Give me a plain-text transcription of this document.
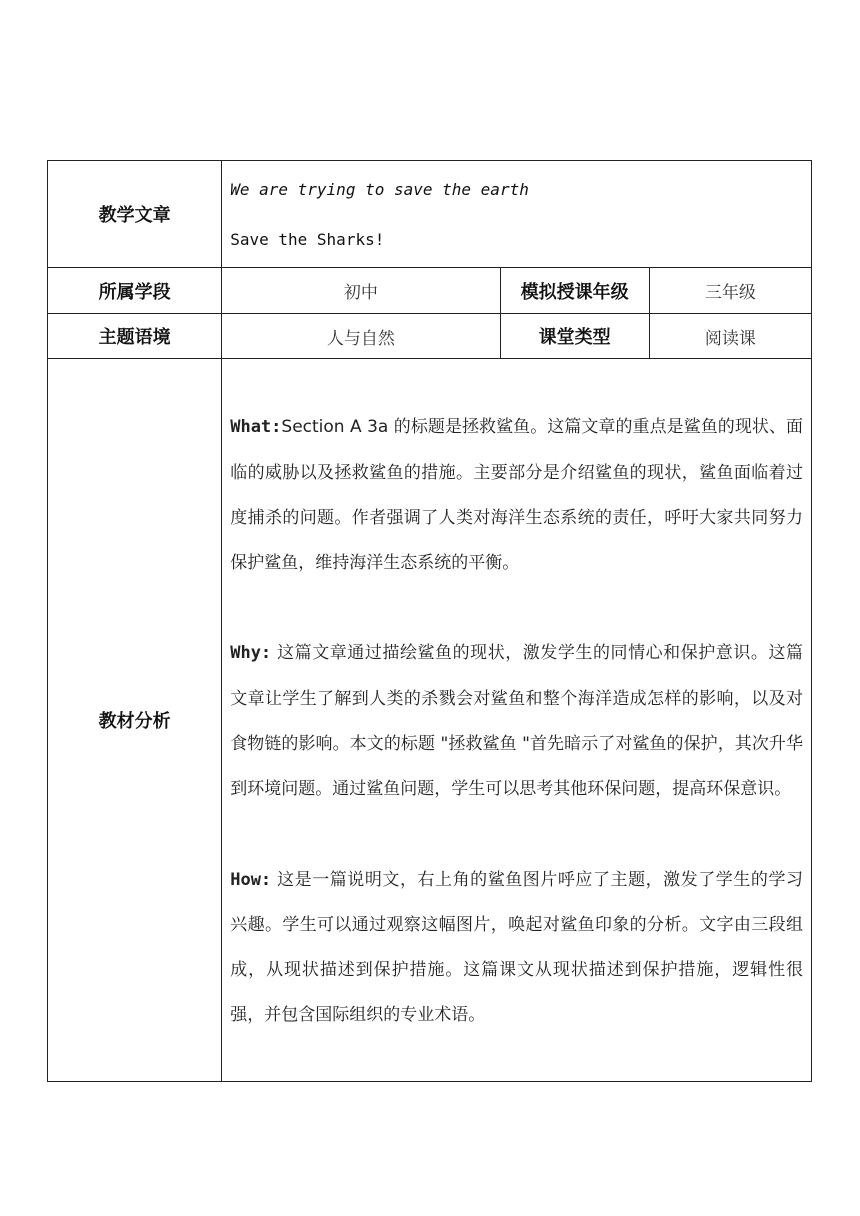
教学文章	We are trying to save the earth
Save the Sharks!		

所属学段	初中	模拟授课年级	三年级
主题语境	人与自然	课堂类型	阅读课
教材分析	What:Section A 3a 的标题是拯救鲨鱼。这篇文章的重点是鲨鱼的现状、面临的威胁以及拯救鲨鱼的措施。主要部分是介绍鲨鱼的现状，鲨鱼面临着过度捕杀的问题。作者强调了人类对海洋生态系统的责任，呼吁大家共同努力保护鲨鱼，维持海洋生态系统的平衡。

Why: 这篇文章通过描绘鲨鱼的现状，激发学生的同情心和保护意识。这篇文章让学生了解到人类的杀戮会对鲨鱼和整个海洋造成怎样的影响，以及对食物链的影响。本文的标题 "拯救鲨鱼 "首先暗示了对鲨鱼的保护，其次升华到环境问题。通过鲨鱼问题，学生可以思考其他环保问题，提高环保意识。

How: 这是一篇说明文，右上角的鲨鱼图片呼应了主题，激发了学生的学习兴趣。学生可以通过观察这幅图片，唤起对鲨鱼印象的分析。文字由三段组成，从现状描述到保护措施。这篇课文从现状描述到保护措施，逻辑性很强，并包含国际组织的专业术语。		
